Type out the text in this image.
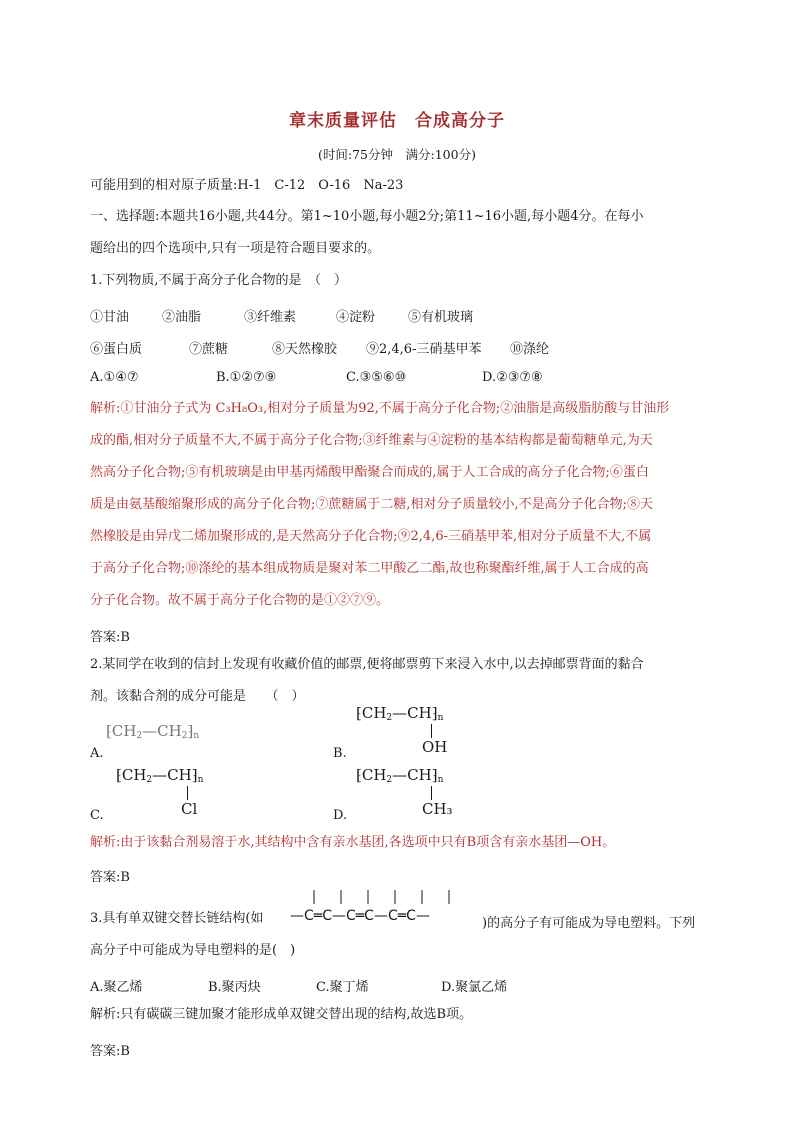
章末质量评估　合成高分子
(时间:75分钟　满分:100分)
可能用到的相对原子质量:H-1　C-12　O-16　Na-23
一、选择题:本题共16小题,共44分。第1~10小题,每小题2分;第11~16小题,每小题4分。在每小
题给出的四个选项中,只有一项是符合题目要求的。
1.下列物质,不属于高分子化合物的是　（　）
①甘油	②油脂	③纤维素	④淀粉	⑤有机玻璃
⑥蛋白质	⑦蔗糖	⑧天然橡胶 ⑨2,4,6-三硝基甲苯 ⑩涤纶
A.①④⑦	B.①②⑦⑨	C.③⑤⑥⑩	D.②③⑦⑧
解析:①甘油分子式为 C₃H₈O₃,相对分子质量为92,不属于高分子化合物;②油脂是高级脂肪酸与甘油形
成的酯,相对分子质量不大,不属于高分子化合物;③纤维素与④淀粉的基本结构都是葡萄糖单元,为天
然高分子化合物;⑤有机玻璃是由甲基丙烯酸甲酯聚合而成的,属于人工合成的高分子化合物;⑥蛋白
质是由氨基酸缩聚形成的高分子化合物;⑦蔗糖属于二糖,相对分子质量较小,不是高分子化合物;⑧天
然橡胶是由异戊二烯加聚形成的,是天然高分子化合物;⑨2,4,6-三硝基甲苯,相对分子质量不大,不属
于高分子化合物;⑩涤纶的基本组成物质是聚对苯二甲酸乙二酯,故也称聚酯纤维,属于人工合成的高
分子化合物。故不属于高分子化合物的是①②⑦⑨。
答案:B
2.某同学在收到的信封上发现有收藏价值的邮票,便将邮票剪下来浸入水中,以去掉邮票背面的黏合
剂。该黏合剂的成分可能是　　（　）
$⁅CH_2—CH_2⁆_n$
A.
$⁅CH_2—CH⁆_n$
OH
B.
$⁅CH_2—CH⁆_n$
Cl
C.
$⁅CH_2—CH⁆_n$
CH₃
D.
解析:由于该黏合剂易溶于水,其结构中含有亲水基团,各选项中只有B项含有亲水基团—OH。
答案:B
3.具有单双键交替长链结构(如 —C═C—C═C—C═C—	)的高分子有可能成为导电塑料。下列
高分子中可能成为导电塑料的是(　)
A.聚乙烯	B.聚丙炔	C.聚丁烯	D.聚氯乙烯
解析:只有碳碳三键加聚才能形成单双键交替出现的结构,故选B项。
答案:B
